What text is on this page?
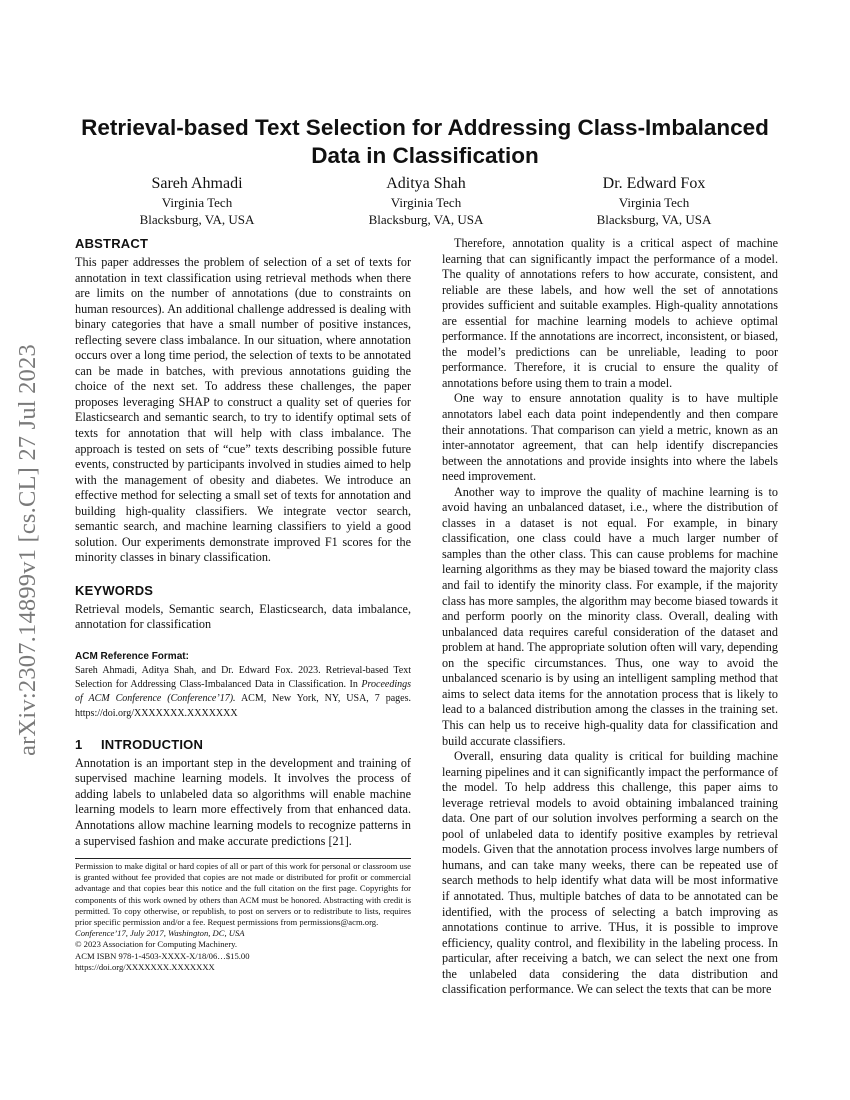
arXiv:2307.14899v1 [cs.CL] 27 Jul 2023
Retrieval-based Text Selection for Addressing Class-Imbalanced Data in Classification
Sareh Ahmadi
Virginia Tech
Blacksburg, VA, USA
Aditya Shah
Virginia Tech
Blacksburg, VA, USA
Dr. Edward Fox
Virginia Tech
Blacksburg, VA, USA
ABSTRACT

This paper addresses the problem of selection of a set of texts for annotation in text classification using retrieval methods when there are limits on the number of annotations (due to constraints on human resources). An additional challenge addressed is dealing with binary categories that have a small number of positive instances, reflecting severe class imbalance. In our situation, where annotation occurs over a long time period, the selection of texts to be annotated can be made in batches, with previous annotations guiding the choice of the next set. To address these challenges, the paper proposes leveraging SHAP to construct a quality set of queries for Elasticsearch and semantic search, to try to identify optimal sets of texts for annotation that will help with class imbalance. The approach is tested on sets of “cue” texts describing possible future events, constructed by participants involved in studies aimed to help with the management of obesity and diabetes. We introduce an effective method for selecting a small set of texts for annotation and building high-quality classifiers. We integrate vector search, semantic search, and machine learning classifiers to yield a good solution. Our experiments demonstrate improved F1 scores for the minority classes in binary classification.

KEYWORDS

Retrieval models, Semantic search, Elasticsearch, data imbalance, annotation for classification

ACM Reference Format:
Sareh Ahmadi, Aditya Shah, and Dr. Edward Fox. 2023. Retrieval-based Text Selection for Addressing Class-Imbalanced Data in Classification. In Proceedings of ACM Conference (Conference’17). ACM, New York, NY, USA, 7 pages. https://doi.org/XXXXXXX.XXXXXXX
1 INTRODUCTION

Annotation is an important step in the development and training of supervised machine learning models. It involves the process of adding labels to unlabeled data so algorithms will enable machine learning models to learn more effectively from that enhanced data. Annotations allow machine learning models to recognize patterns in a supervised fashion and make accurate predictions [21].

Permission to make digital or hard copies of all or part of this work for personal or classroom use is granted without fee provided that copies are not made or distributed for profit or commercial advantage and that copies bear this notice and the full citation on the first page. Copyrights for components of this work owned by others than ACM must be honored. Abstracting with credit is permitted. To copy otherwise, or republish, to post on servers or to redistribute to lists, requires prior specific permission and/or a fee. Request permissions from permissions@acm.org.

Conference’17, July 2017, Washington, DC, USA

© 2023 Association for Computing Machinery.

ACM ISBN 978-1-4503-XXXX-X/18/06…$15.00

https://doi.org/XXXXXXX.XXXXXXX

Therefore, annotation quality is a critical aspect of machine learning that can significantly impact the performance of a model. The quality of annotations refers to how accurate, consistent, and reliable are these labels, and how well the set of annotations provides sufficient and suitable examples. High-quality annotations are essential for machine learning models to achieve optimal performance. If the annotations are incorrect, inconsistent, or biased, the model’s predictions can be unreliable, leading to poor performance. Therefore, it is crucial to ensure the quality of annotations before using them to train a model.

One way to ensure annotation quality is to have multiple annotators label each data point independently and then compare their annotations. That comparison can yield a metric, known as an inter-annotator agreement, that can help identify discrepancies between the annotations and provide insights into where the labels need improvement.

Another way to improve the quality of machine learning is to avoid having an unbalanced dataset, i.e., where the distribution of classes in a dataset is not equal. For example, in binary classification, one class could have a much larger number of samples than the other class. This can cause problems for machine learning algorithms as they may be biased toward the majority class and fail to identify the minority class. For example, if the majority class has more samples, the algorithm may become biased towards it and perform poorly on the minority class. Overall, dealing with unbalanced data requires careful consideration of the dataset and problem at hand. The appropriate solution often will vary, depending on the specific circumstances. Thus, one way to avoid the unbalanced scenario is by using an intelligent sampling method that aims to select data items for the annotation process that is likely to lead to a balanced distribution among the classes in the training set. This can help us to receive high-quality data for classification and build accurate classifiers.

Overall, ensuring data quality is critical for building machine learning pipelines and it can significantly impact the performance of the model. To help address this challenge, this paper aims to leverage retrieval models to avoid obtaining imbalanced training data. One part of our solution involves performing a search on the pool of unlabeled data to identify positive examples by retrieval models. Given that the annotation process involves large numbers of humans, and can take many weeks, there can be repeated use of search methods to help identify what data will be most informative if annotated. Thus, multiple batches of data to be annotated can be identified, with the process of selecting a batch improving as annotations continue to arrive. THus, it is possible to improve efficiency, quality control, and flexibility in the labeling process. In particular, after receiving a batch, we can select the next one from the unlabeled data considering the data distribution and classification performance. We can select the texts that can be more
